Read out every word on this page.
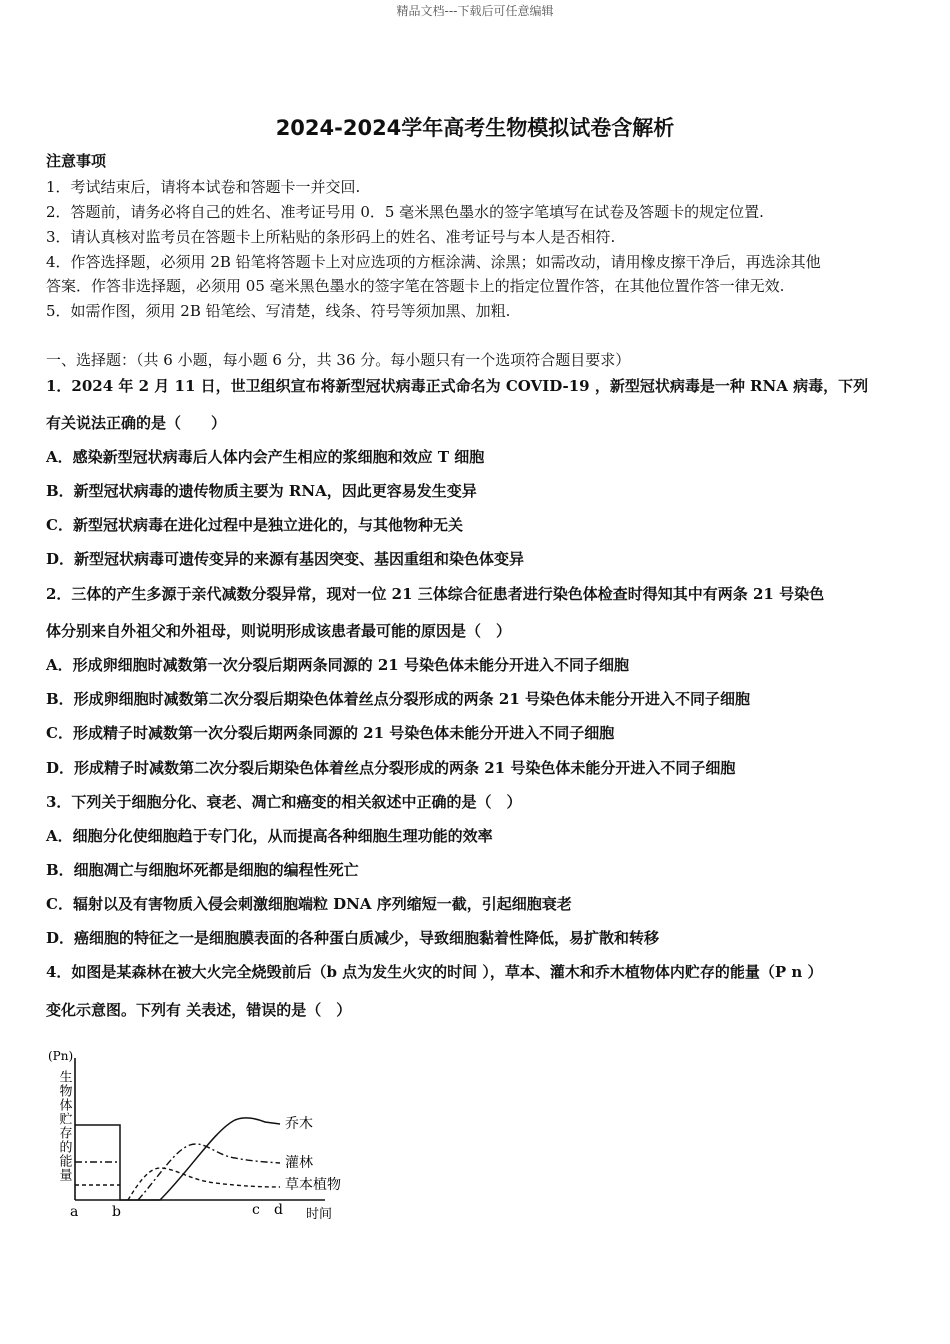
精品文档---下载后可任意编辑
2024-2024学年高考生物模拟试卷含解析
注意事项
1．考试结束后，请将本试卷和答题卡一并交回.
2．答题前，请务必将自己的姓名、准考证号用 0．5 毫米黑色墨水的签字笔填写在试卷及答题卡的规定位置.
3．请认真核对监考员在答题卡上所粘贴的条形码上的姓名、准考证号与本人是否相符.
4．作答选择题，必须用 2B 铅笔将答题卡上对应选项的方框涂满、涂黑；如需改动，请用橡皮擦干净后，再选涂其他
答案．作答非选择题，必须用 05 毫米黑色墨水的签字笔在答题卡上的指定位置作答，在其他位置作答一律无效.
5．如需作图，须用 2B 铅笔绘、写清楚，线条、符号等须加黑、加粗.
一、选择题：（共 6 小题，每小题 6 分，共 36 分。每小题只有一个选项符合题目要求）
1．2024 年 2 月 11 日，世卫组织宣布将新型冠状病毒正式命名为 COVID-19 ，新型冠状病毒是一种 RNA 病毒，下列
有关说法正确的是（　　）
A．感染新型冠状病毒后人体内会产生相应的浆细胞和效应 T 细胞
B．新型冠状病毒的遗传物质主要为 RNA，因此更容易发生变异
C．新型冠状病毒在进化过程中是独立进化的，与其他物种无关
D．新型冠状病毒可遗传变异的来源有基因突变、基因重组和染色体变异
2．三体的产生多源于亲代减数分裂异常，现对一位 21 三体综合征患者进行染色体检查时得知其中有两条 21 号染色
体分别来自外祖父和外祖母，则说明形成该患者最可能的原因是（　）
A．形成卵细胞时减数第一次分裂后期两条同源的 21 号染色体未能分开进入不同子细胞
B．形成卵细胞时减数第二次分裂后期染色体着丝点分裂形成的两条 21 号染色体未能分开进入不同子细胞
C．形成精子时减数第一次分裂后期两条同源的 21 号染色体未能分开进入不同子细胞
D．形成精子时减数第二次分裂后期染色体着丝点分裂形成的两条 21 号染色体未能分开进入不同子细胞
3．下列关于细胞分化、衰老、凋亡和癌变的相关叙述中正确的是（　）
A．细胞分化使细胞趋于专门化，从而提高各种细胞生理功能的效率
B．细胞凋亡与细胞坏死都是细胞的编程性死亡
C．辐射以及有害物质入侵会刺激细胞端粒 DNA 序列缩短一截，引起细胞衰老
D．癌细胞的特征之一是细胞膜表面的各种蛋白质减少，导致细胞黏着性降低，易扩散和转移
4．如图是某森林在被大火完全烧毁前后（b 点为发生火灾的时间 ），草本、灌木和乔木植物体内贮存的能量（P n ）
变化示意图。下列有 关表述，错误的是（　）
(Pn)
生物体贮存的能量
时间
a b	c d
乔木
灌林
草本植物
